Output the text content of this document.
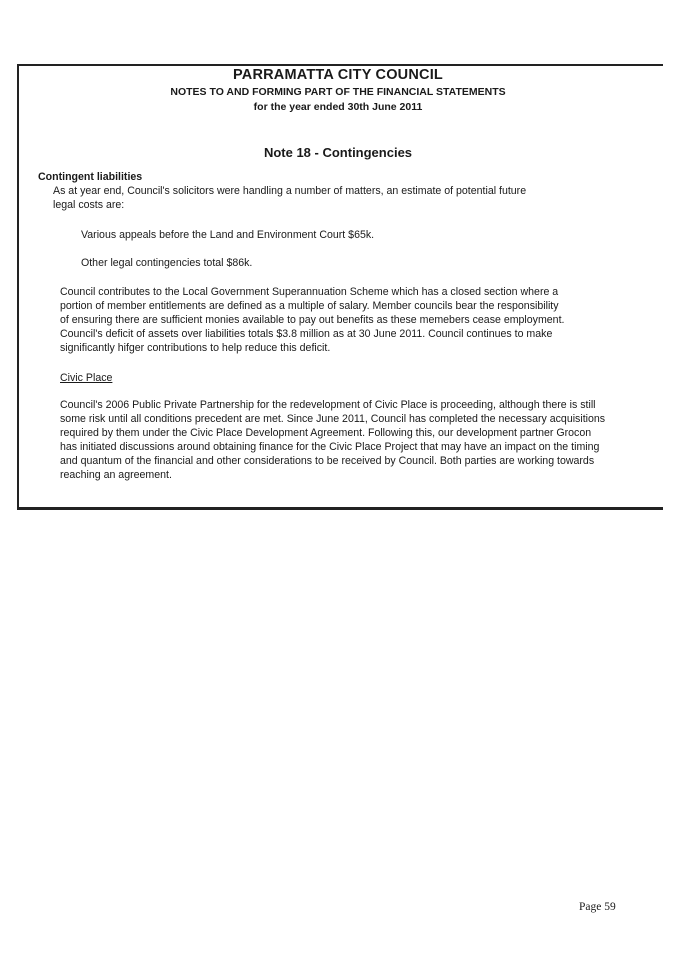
PARRAMATTA CITY COUNCIL

NOTES TO AND FORMING PART OF THE FINANCIAL STATEMENTS

for the year ended 30th June 2011

Note 18 - Contingencies

Contingent liabilities

As at year end, Council's solicitors were handling a number of matters, an estimate of potential future

legal costs are:

Various appeals before the Land and Environment Court $65k.

Other legal contingencies total $86k.

Council contributes to the Local Government Superannuation Scheme which has a closed section where a

portion of member entitlements are defined as a multiple of salary. Member councils bear the responsibility

of ensuring there are sufficient monies available to pay out benefits as these memebers cease employment.

Council's deficit of assets over liabilities totals $3.8 million as at 30 June 2011. Council continues to make

significantly hifger contributions to help reduce this deficit.

Civic Place

Council's 2006 Public Private Partnership for the redevelopment of Civic Place is proceeding, although there is still

some risk until all conditions precedent are met. Since June 2011, Council has completed the necessary acquisitions

required by them under the Civic Place Development Agreement. Following this, our development partner Grocon

has initiated discussions around obtaining finance for the Civic Place Project that may have an impact on the timing

and quantum of the financial and other considerations to be received by Council. Both parties are working towards

reaching an agreement.

Page 59
